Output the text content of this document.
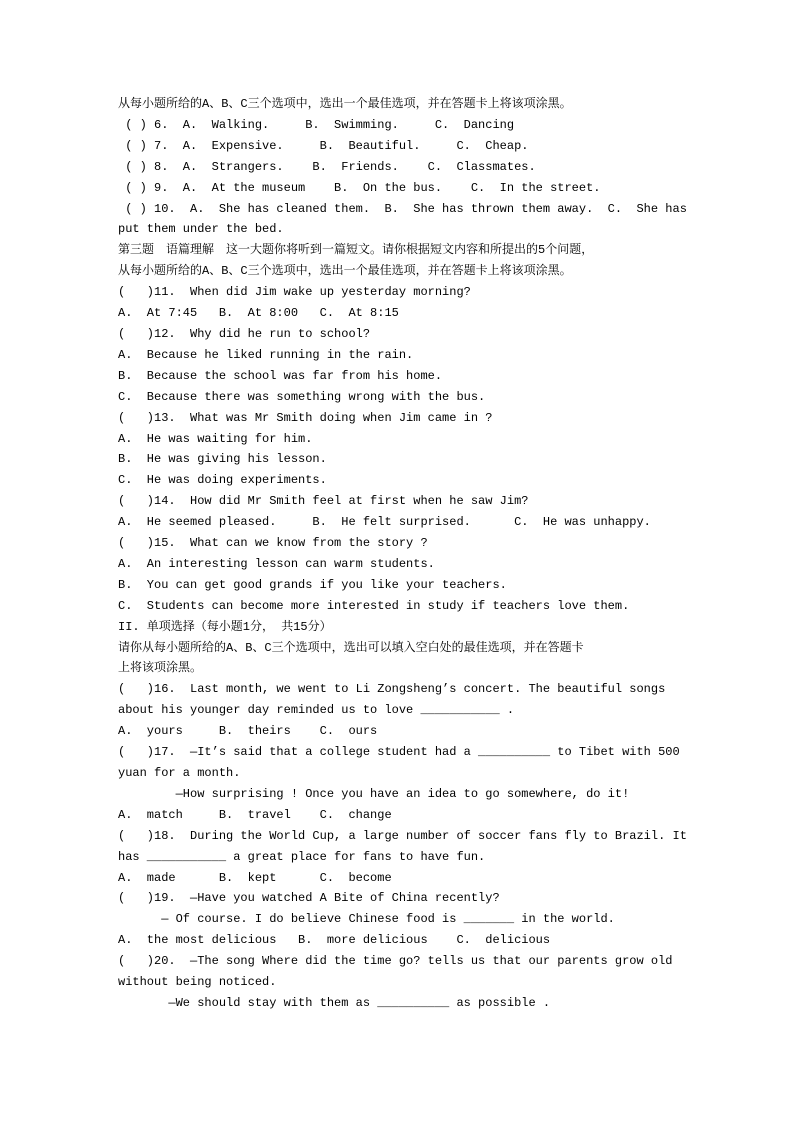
从每小题所给的A、B、C三个选项中，选出一个最佳选项，并在答题卡上将该项涂黑。
( ) 6.  A.  Walking.     B.  Swimming.     C.  Dancing
( ) 7.  A.  Expensive.     B.  Beautiful.     C.  Cheap.
( ) 8.  A.  Strangers.    B.  Friends.    C.  Classmates.
( ) 9.  A.  At the museum    B.  On the bus.    C.  In the street.
( ) 10.  A.  She has cleaned them.  B.  She has thrown them away.  C.  She has
put them under the bed.
第三题　语篇理解　这一大题你将听到一篇短文。请你根据短文内容和所提出的5个问题，
从每小题所给的A、B、C三个选项中，选出一个最佳选项，并在答题卡上将该项涂黑。
(   )11.  When did Jim wake up yesterday morning?
A.  At 7:45   B.  At 8:00   C.  At 8:15
(   )12.  Why did he run to school?
A.  Because he liked running in the rain.
B.  Because the school was far from his home.
C.  Because there was something wrong with the bus.
(   )13.  What was Mr Smith doing when Jim came in ?
A.  He was waiting for him.
B.  He was giving his lesson.
C.  He was doing experiments.
(   )14.  How did Mr Smith feel at first when he saw Jim?
A.  He seemed pleased.     B.  He felt surprised.      C.  He was unhappy.
(   )15.  What can we know from the story ?
A.  An interesting lesson can warm students.
B.  You can get good grands if you like your teachers.
C.  Students can become more interested in study if teachers love them.
II. 单项选择（每小题1分， 共15分）
请你从每小题所给的A、B、C三个选项中，选出可以填入空白处的最佳选项，并在答题卡
上将该项涂黑。
(   )16.  Last month, we went to Li Zongsheng’s concert. The beautiful songs
about his younger day reminded us to love ___________ .
A.  yours     B.  theirs    C.  ours
(   )17.  —It’s said that a college student had a __________ to Tibet with 500
yuan for a month.
—How surprising ! Once you have an idea to go somewhere, do it!
A.  match     B.  travel    C.  change
(   )18.  During the World Cup, a large number of soccer fans fly to Brazil. It
has ___________ a great place for fans to have fun.
A.  made      B.  kept      C.  become
(   )19.  —Have you watched A Bite of China recently?
— Of course. I do believe Chinese food is _______ in the world.
A.  the most delicious   B.  more delicious    C.  delicious
(   )20.  —The song Where did the time go? tells us that our parents grow old
without being noticed.
—We should stay with them as __________ as possible .
